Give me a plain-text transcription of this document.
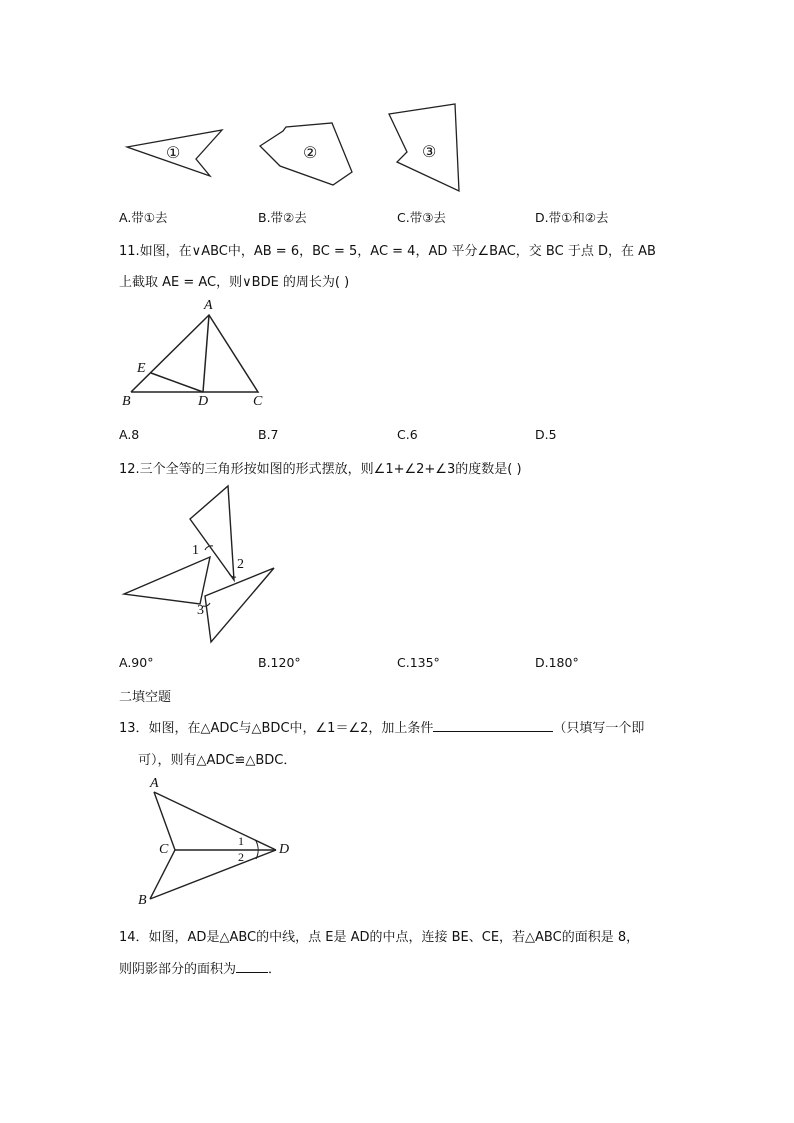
①	②	③
A.带①去	B.带②去	C.带③去	D.带①和②去
11.如图，在∨ABC中，AB = 6，BC = 5，AC = 4，AD 平分∠BAC，交 BC 于点 D，在 AB
上截取 AE = AC，则∨BDE 的周长为( )
A
E
B	D	C
A.8	B.7	C.6	D.5
12.三个全等的三角形按如图的形式摆放，则∠1+∠2+∠3的度数是( )
1
2
3
A.90°	B.120°	C.135°	D.180°
二填空题
13．如图，在△ADC与△BDC中，∠1＝∠2，加上条件	（只填写一个即
可），则有△ADC≌△BDC．
A
C	D
B
1
2
14．如图，AD是△ABC的中线，点 E是 AD的中点，连接 BE、CE，若△ABC的面积是 8，
则阴影部分的面积为 ．
